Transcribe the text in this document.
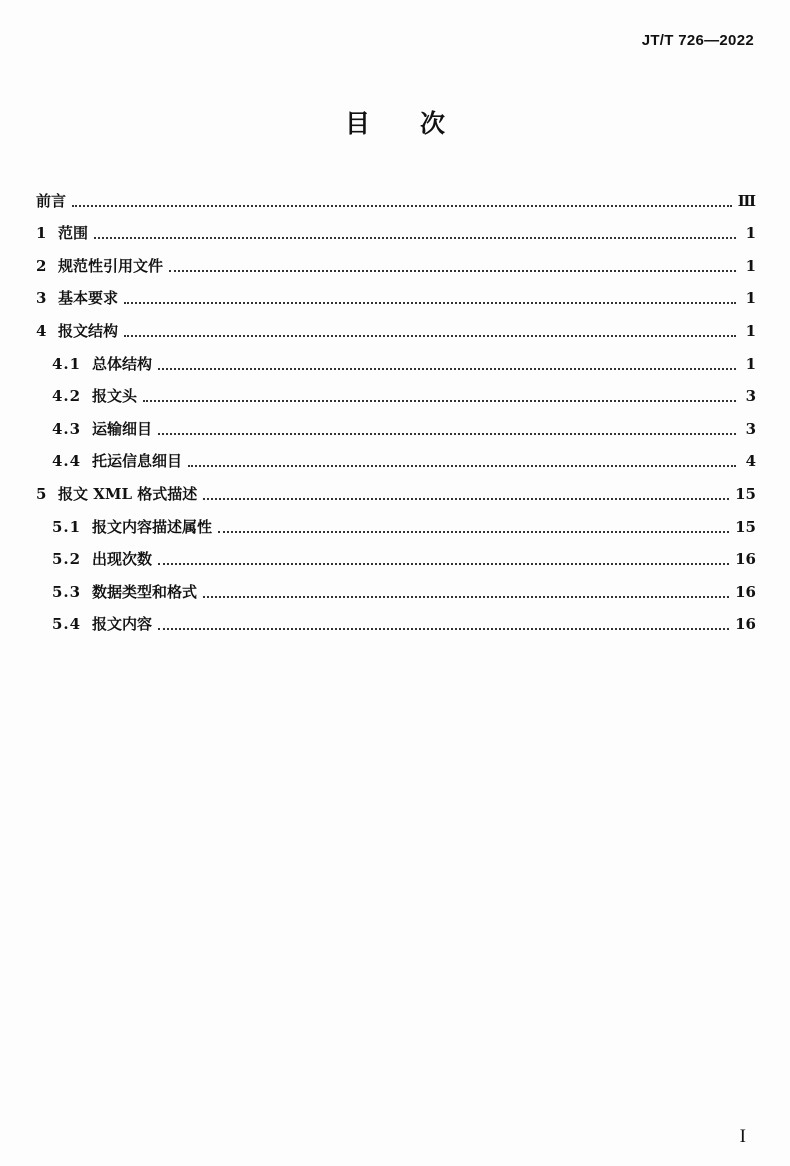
JT/T 726—2022
目　　次
前言	Ⅲ
1 范围	1
2 规范性引用文件	1
3 基本要求	1
4 报文结构	1
4.1 总体结构	1
4.2 报文头	3
4.3 运输细目	3
4.4 托运信息细目	4
5 报文 XML 格式描述	15
5.1 报文内容描述属性	15
5.2 出现次数	16
5.3 数据类型和格式	16
5.4 报文内容	16
I
